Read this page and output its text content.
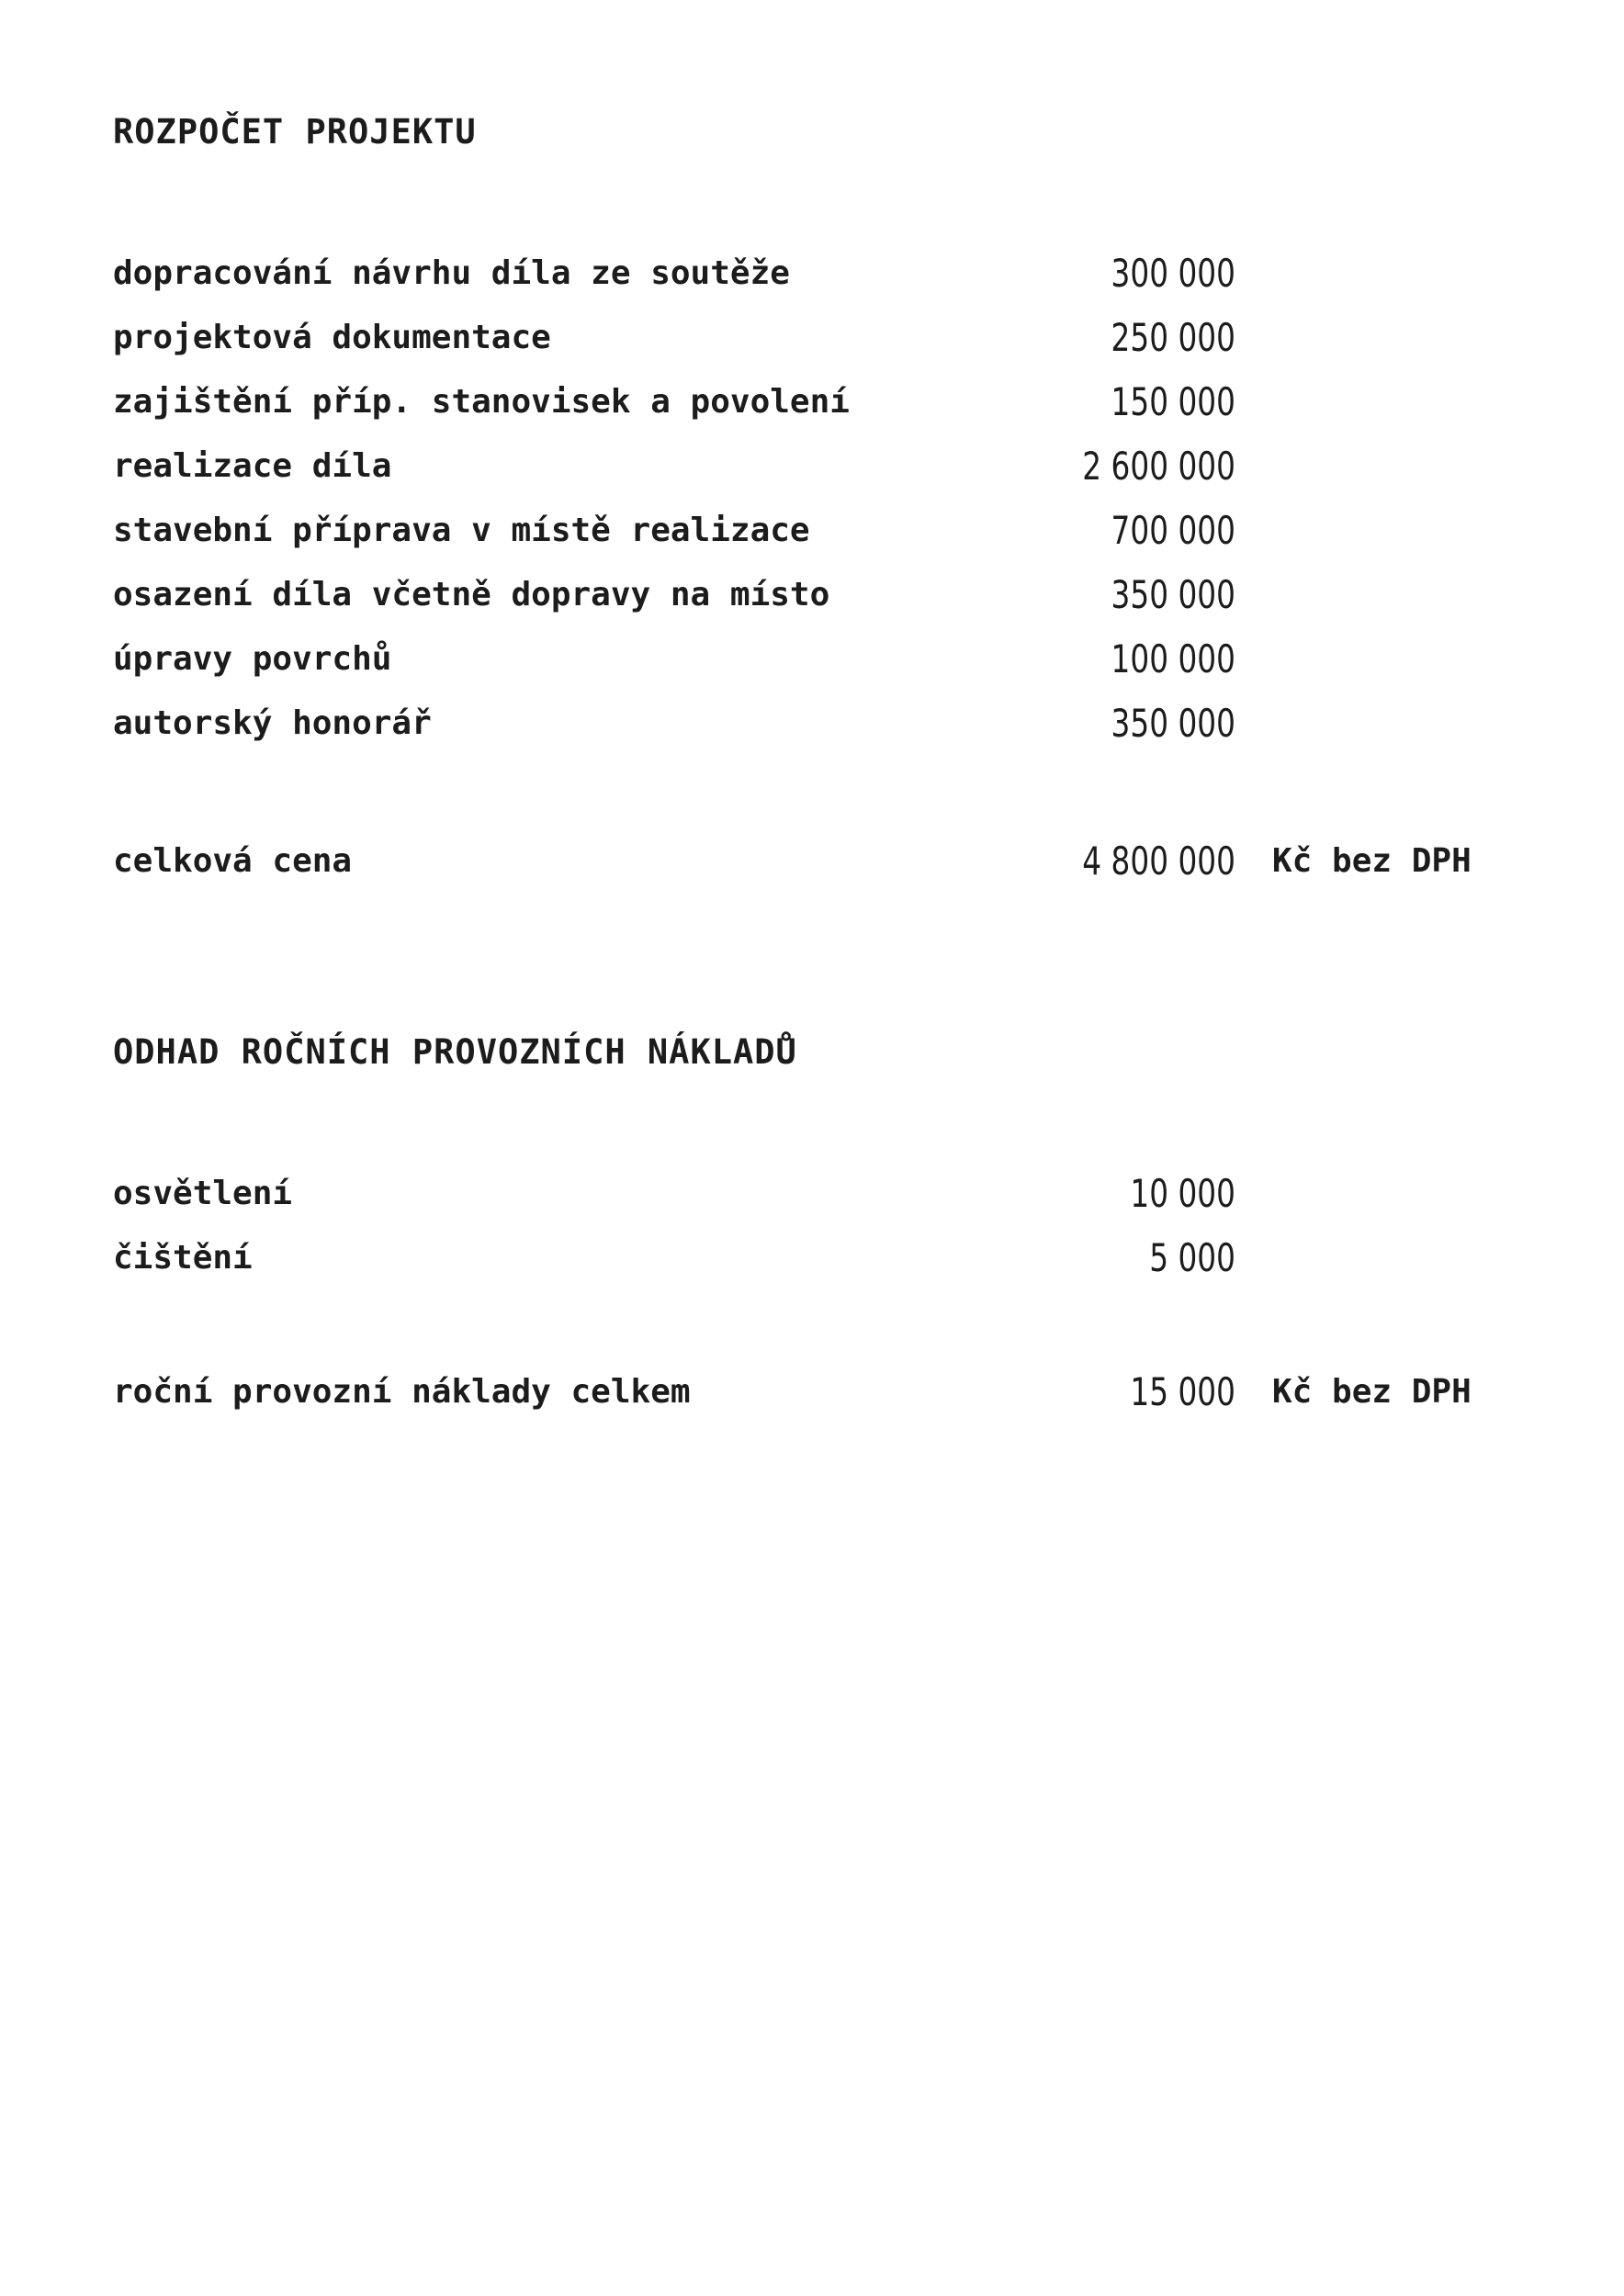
ROZPOČET PROJEKTU
dopracování návrhu díla ze soutěže	300 000
projektová dokumentace	250 000
zajištění příp. stanovisek a povolení	150 000
realizace díla	2 600 000
stavební příprava v místě realizace	700 000
osazení díla včetně dopravy na místo	350 000
úpravy povrchů	100 000
autorský honorář	350 000
celková cena	4 800 000	Kč bez DPH
ODHAD ROČNÍCH PROVOZNÍCH NÁKLADŮ
osvětlení	10 000
čištění	5 000
roční provozní náklady celkem	15 000	Kč bez DPH
